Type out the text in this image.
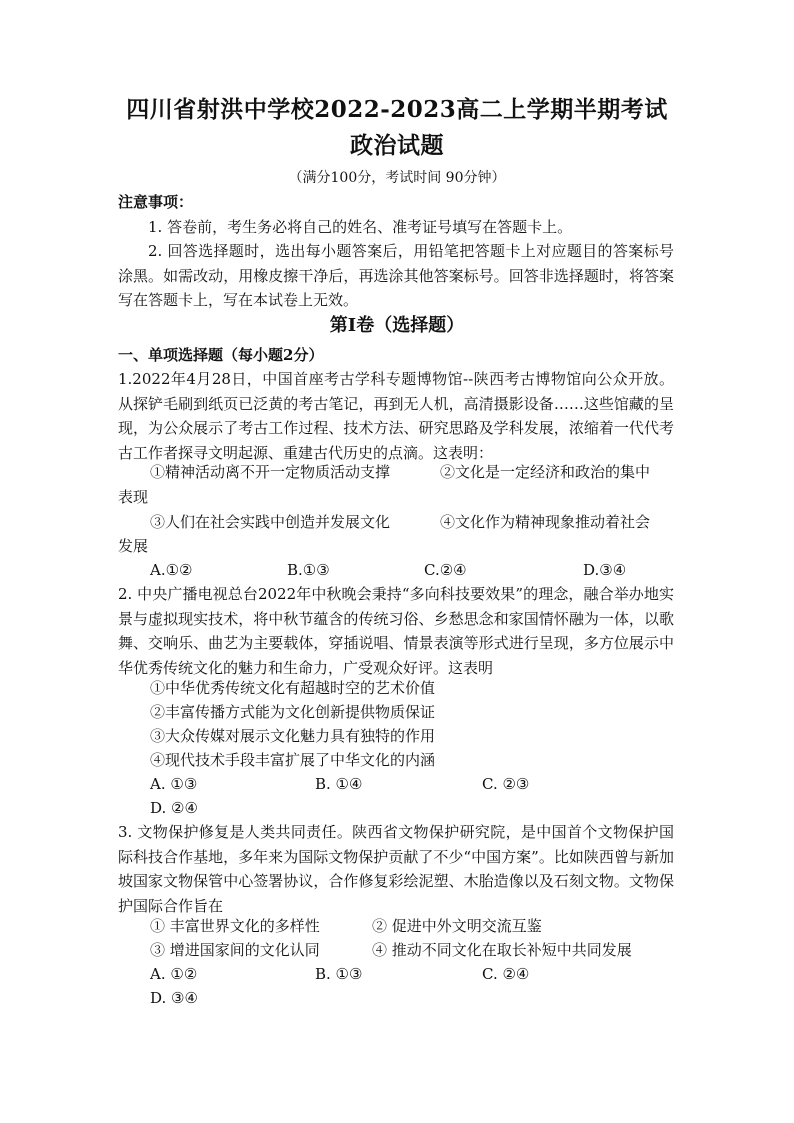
四川省射洪中学校2022-2023高二上学期半期考试
政治试题
（满分100分，考试时间 90分钟）
注意事项：
1. 答卷前，考生务必将自己的姓名、准考证号填写在答题卡上。
2. 回答选择题时，选出每小题答案后，用铅笔把答题卡上对应题目的答案标号涂黑。如需改动，用橡皮擦干净后，再选涂其他答案标号。回答非选择题时，将答案写在答题卡上，写在本试卷上无效。
第Ⅰ卷（选择题）
一、单项选择题（每小题2分）
1.2022年4月28日，中国首座考古学科专题博物馆--陕西考古博物馆向公众开放。从探铲毛刷到纸页已泛黄的考古笔记，再到无人机，高清摄影设备……这些馆藏的呈现，为公众展示了考古工作过程、技术方法、研究思路及学科发展，浓缩着一代代考古工作者探寻文明起源、重建古代历史的点滴。这表明：
①精神活动离不开一定物质活动支撑	②文化是一定经济和政治的集中
表现
③人们在社会实践中创造并发展文化	④文化作为精神现象推动着社会
发展
A.①②	B.①③	C.②④	D.③④
2. 中央广播电视总台2022年中秋晚会秉持“多向科技要效果”的理念，融合举办地实景与虚拟现实技术，将中秋节蕴含的传统习俗、乡愁思念和家国情怀融为一体，以歌舞、交响乐、曲艺为主要载体，穿插说唱、情景表演等形式进行呈现，多方位展示中华优秀传统文化的魅力和生命力，广受观众好评。这表明
①中华优秀传统文化有超越时空的艺术价值
②丰富传播方式能为文化创新提供物质保证
③大众传媒对展示文化魅力具有独特的作用
④现代技术手段丰富扩展了中华文化的内涵
A. ①③	B. ①④	C. ②③
D. ②④
3. 文物保护修复是人类共同责任。陕西省文物保护研究院，是中国首个文物保护国际科技合作基地，多年来为国际文物保护贡献了不少“中国方案”。比如陕西曾与新加坡国家文物保管中心签署协议，合作修复彩绘泥塑、木胎造像以及石刻文物。文物保护国际合作旨在
① 丰富世界文化的多样性	② 促进中外文明交流互鉴
③ 增进国家间的文化认同	④ 推动不同文化在取长补短中共同发展
A. ①②	B. ①③	C. ②④
D. ③④
